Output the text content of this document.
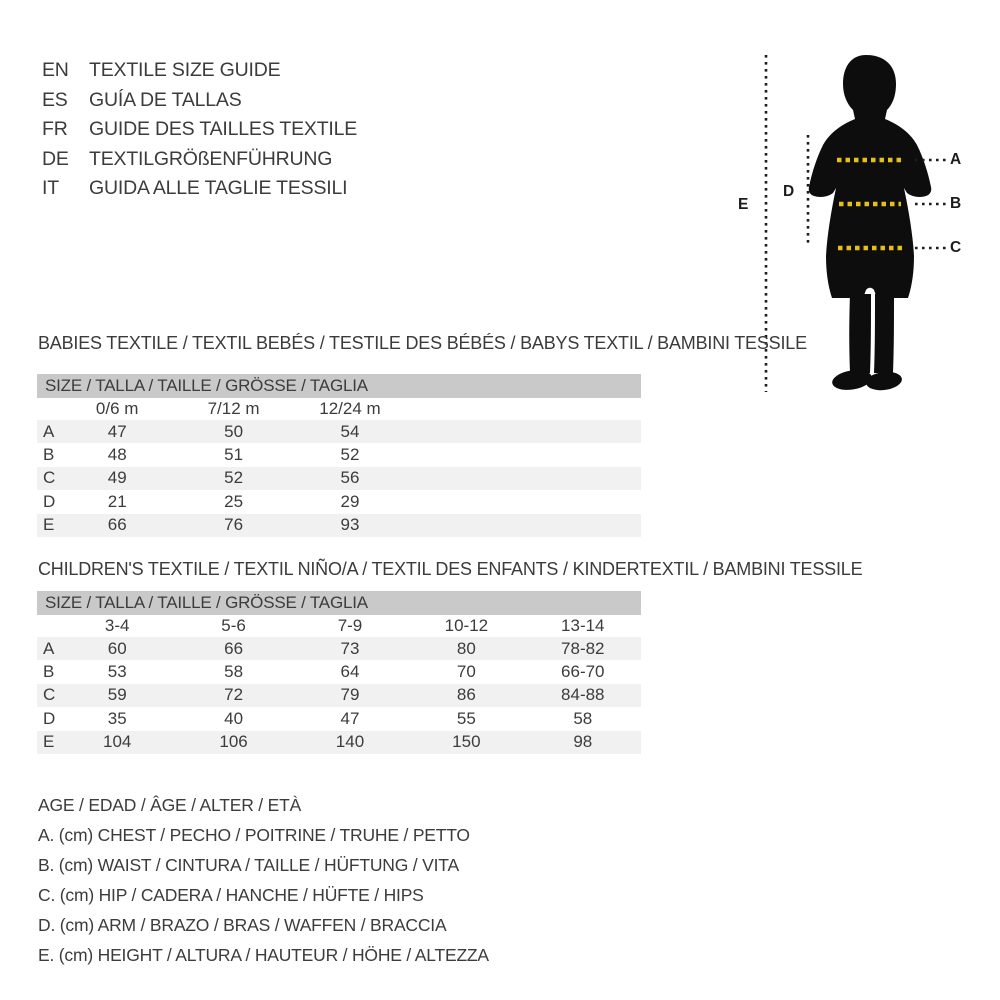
EN	TEXTILE SIZE GUIDE
ES	GUÍA DE TALLAS
FR	GUIDE DES TAILLES TEXTILE
DE	TEXTILGRÖßENFÜHRUNG
IT	GUIDA ALLE TAGLIE TESSILI
A
B
C
D
E
BABIES TEXTILE / TEXTIL BEBÉS / TESTILE DES BÉBÉS / BABYS TEXTIL / BAMBINI TESSILE
SIZE / TALLA / TAILLE / GRÖSSE / TAGLIA					
	0/6 m	7/12 m	12/24 m		
A	47	50	54		
B	48	51	52		
C	49	52	56		
D	21	25	29		
E	66	76	93		
CHILDREN'S TEXTILE / TEXTIL NIÑO/A / TEXTIL DES ENFANTS / KINDERTEXTIL / BAMBINI TESSILE
SIZE / TALLA / TAILLE / GRÖSSE / TAGLIA					
	3-4	5-6	7-9	10-12	13-14
A	60	66	73	80	78-82
B	53	58	64	70	66-70
C	59	72	79	86	84-88
D	35	40	47	55	58
E	104	106	140	150	98
AGE / EDAD / ÂGE / ALTER / ETÀ
A. (cm) CHEST / PECHO / POITRINE / TRUHE / PETTO
B. (cm) WAIST / CINTURA / TAILLE / HÜFTUNG / VITA
C. (cm) HIP / CADERA / HANCHE / HÜFTE / HIPS
D. (cm) ARM / BRAZO / BRAS / WAFFEN / BRACCIA
E. (cm) HEIGHT / ALTURA / HAUTEUR / HÖHE / ALTEZZA
